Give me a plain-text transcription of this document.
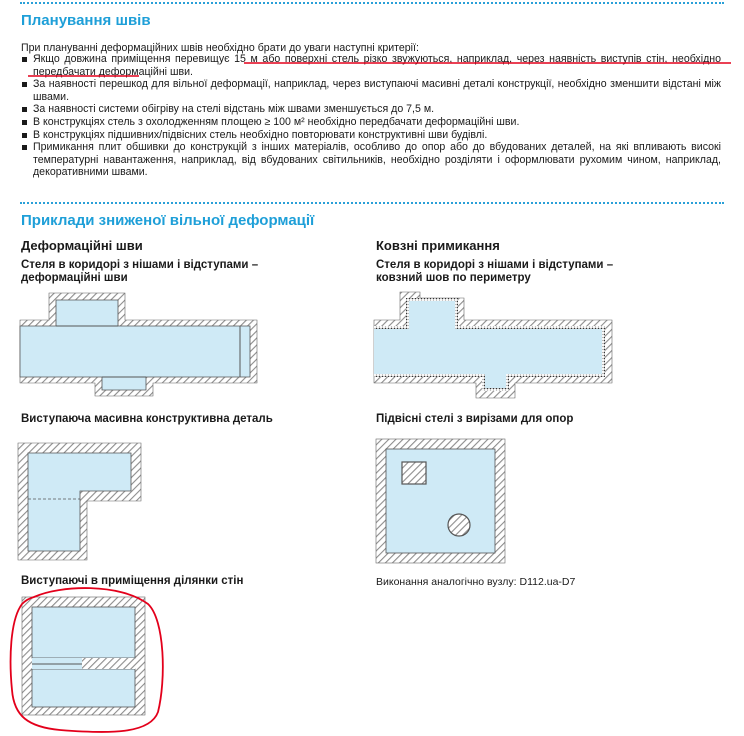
Планування швів
При плануванні деформаційних швів необхідно брати до уваги наступні критерії:
Якщо довжина приміщення перевищує 15 м або поверхні стель різко звужуються, наприклад, через наявність виступів стін, необхідно передбачати деформаційні шви.
За наявності перешкод для вільної деформації, наприклад, через виступаючі масивні деталі конструкції, необхідно зменшити відстані між швами.
За наявності системи обігріву на стелі відстань між швами зменшується до 7,5 м.
В конструкціях стель з охолодженням площею ≥ 100 м² необхідно передбачати деформаційні шви.
В конструкціях підшивних/підвісних стель необхідно повторювати конструктивні шви будівлі.
Примикання плит обшивки до конструкцій з інших матеріалів, особливо до опор або до вбудованих деталей, на які впливають високі температурні навантаження, наприклад, від вбудованих світильників, необхідно розділяти і оформлювати рухомим чином, наприклад, декоративними швами.
Приклади зниженої вільної деформації
Деформаційні шви	Ковзні примикання
Стеля в коридорі з нішами і відступами – деформаційні шви
Стеля в коридорі з нішами і відступами – ковзний шов по периметру
Виступаюча масивна конструктивна деталь	Підвісні стелі з вирізами для опор
Виступаючі в приміщення ділянки стін	Виконання аналогічно вузлу: D112.ua-D7
